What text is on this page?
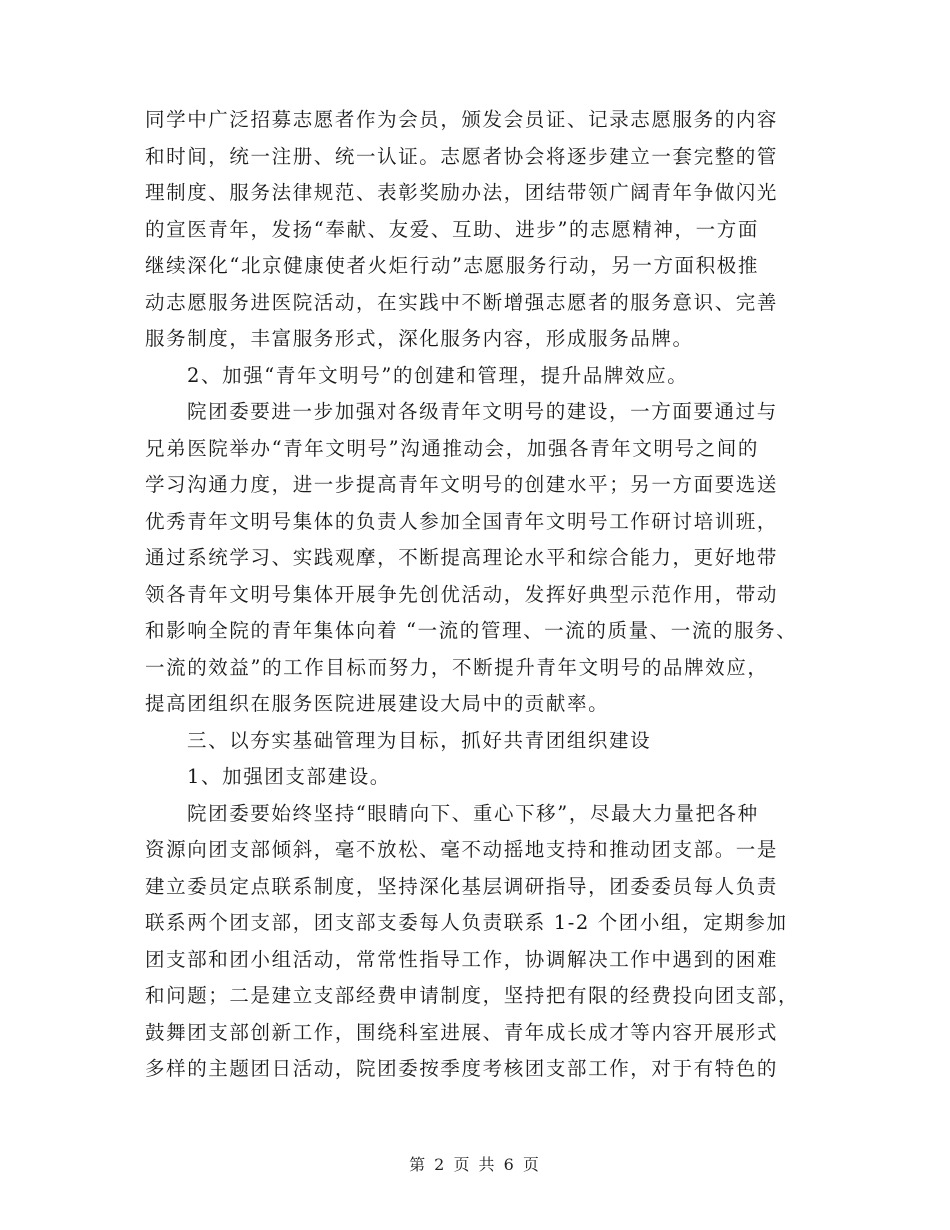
同学中广泛招募志愿者作为会员，颁发会员证、记录志愿服务的内容
和时间，统一注册、统一认证。志愿者协会将逐步建立一套完整的管
理制度、服务法律规范、表彰奖励办法，团结带领广阔青年争做闪光
的宣医青年，发扬“奉献、友爱、互助、进步”的志愿精神，一方面
继续深化“北京健康使者火炬行动”志愿服务行动，另一方面积极推
动志愿服务进医院活动，在实践中不断增强志愿者的服务意识、完善
服务制度，丰富服务形式，深化服务内容，形成服务品牌。
2、加强“青年文明号”的创建和管理，提升品牌效应。
院团委要进一步加强对各级青年文明号的建设，一方面要通过与
兄弟医院举办“青年文明号”沟通推动会，加强各青年文明号之间的
学习沟通力度，进一步提高青年文明号的创建水平；另一方面要选送
优秀青年文明号集体的负责人参加全国青年文明号工作研讨培训班，
通过系统学习、实践观摩，不断提高理论水平和综合能力，更好地带
领各青年文明号集体开展争先创优活动，发挥好典型示范作用，带动
和影响全院的青年集体向着 “一流的管理、一流的质量、一流的服务、
一流的效益”的工作目标而努力，不断提升青年文明号的品牌效应，
提高团组织在服务医院进展建设大局中的贡献率。
三、以夯实基础管理为目标，抓好共青团组织建设
1、加强团支部建设。
院团委要始终坚持“眼睛向下、重心下移”，尽最大力量把各种
资源向团支部倾斜，毫不放松、毫不动摇地支持和推动团支部。一是
建立委员定点联系制度，坚持深化基层调研指导，团委委员每人负责
联系两个团支部，团支部支委每人负责联系 1-2 个团小组，定期参加
团支部和团小组活动，常常性指导工作，协调解决工作中遇到的困难
和问题；二是建立支部经费申请制度，坚持把有限的经费投向团支部，
鼓舞团支部创新工作，围绕科室进展、青年成长成才等内容开展形式
多样的主题团日活动，院团委按季度考核团支部工作，对于有特色的
第 2 页 共 6 页
